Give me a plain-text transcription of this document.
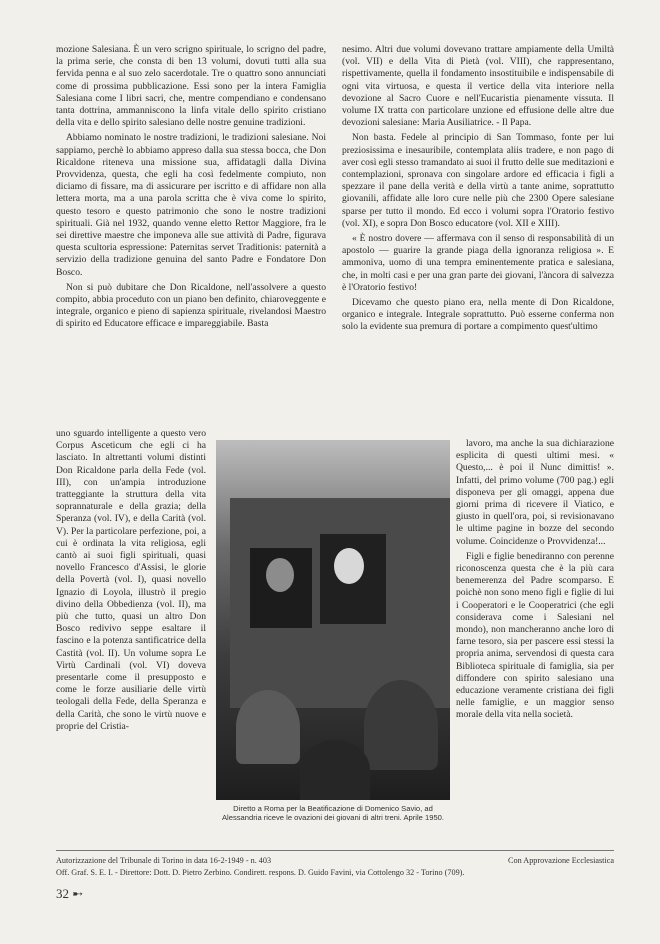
mozione Salesiana. È un vero scrigno spirituale, lo scrigno del padre, la prima serie, che consta di ben 13 volumi, dovuti tutti alla sua fervida penna e al suo zelo sacerdotale. Tre o quattro sono annunciati come di prossima pubblicazione. Essi sono per la intera Famiglia Salesiana come I libri sacri, che, mentre compendiano e condensano tanta dottrina, ammanniscono la linfa vitale dello spirito cristiano della vita e dello spirito salesiano delle nostre genuine tradizioni.

Abbiamo nominato le nostre tradizioni, le tradizioni salesiane. Noi sappiamo, perchè lo abbiamo appreso dalla sua stessa bocca, che Don Ricaldone riteneva una missione sua, affidatagli dalla Divina Provvidenza, questa, che egli ha così fedelmente compiuto, non diciamo di fissare, ma di assicurare per iscritto e di affidare non alla lettera morta, ma a una parola scritta che è viva come lo spirito, questo tesoro e questo patrimonio che sono le nostre tradizioni spirituali. Già nel 1932, quando venne eletto Rettor Maggiore, fra le sei direttive maestre che imponeva alle sue attività di Padre, figurava questa scultoria espressione: Paternitas servet Traditionis: paternità a servizio della tradizione genuina del santo Padre e Fondatore Don Bosco.

Non si può dubitare che Don Ricaldone, nell'assolvere a questo compito, abbia proceduto con un piano ben definito, chiaroveggente e integrale, organico e pieno di sapienza spirituale, rivelandosi Maestro di spirito ed Educatore efficace e impareggiabile. Basta

uno sguardo intelligente a questo vero Corpus Asceticum che egli ci ha lasciato. In altrettanti volumi distinti Don Ricaldone parla della Fede (vol. III), con un'ampia introduzione tratteggiante la struttura della vita soprannaturale e della grazia; della Speranza (vol. IV), e della Carità (vol. V). Per la particolare perfezione, poi, a cui è ordinata la vita religiosa, egli cantò ai suoi figli spirituali, quasi novello Francesco d'Assisi, le glorie della Povertà (vol. I), quasi novello Ignazio di Loyola, illustrò il pregio divino della Obbedienza (vol. II), ma più che tutto, quasi un altro Don Bosco redivivo seppe esaltare il fascino e la potenza santificatrice della Castità (vol. II). Un volume sopra Le Virtù Cardinali (vol. VI) doveva presentarle come il presupposto e come le forze ausiliarie delle virtù teologali della Fede, della Speranza e della Carità, che sono le virtù nuove e proprie del Cristia-

nesimo. Altri due volumi dovevano trattare ampiamente della Umiltà (vol. VII) e della Vita di Pietà (vol. VIII), che rappresentano, rispettivamente, quella il fondamento insostituibile e indispensabile di ogni vita virtuosa, e questa il vertice della vita interiore nella devozione al Sacro Cuore e nell'Eucaristia pienamente vissuta. Il volume IX tratta con particolare unzione ed effusione delle altre due devozioni salesiane: Maria Ausiliatrice. - Il Papa.

Non basta. Fedele al principio di San Tommaso, fonte per lui preziosissima e inesauribile, contemplata aliis tradere, e non pago di aver così egli stesso tramandato ai suoi il frutto delle sue meditazioni e contemplazioni, spronava con singolare ardore ed efficacia i figli a spezzare il pane della verità e della virtù a tante anime, soprattutto giovanili, affidate alle loro cure nelle più che 2300 Opere salesiane sparse per tutto il mondo. Ed ecco i volumi sopra l'Oratorio festivo (vol. XI), e sopra Don Bosco educatore (vol. XII e XIII).

« È nostro dovere — affermava con il senso di responsabilità di un apostolo — guarire la grande piaga della ignoranza religiosa ». E ammoniva, uomo di una tempra eminentemente pratica e salesiana, che, in molti casi e per una gran parte dei giovani, l'àncora di salvezza è l'Oratorio festivo!

Dicevamo che questo piano era, nella mente di Don Ricaldone, organico e integrale. Integrale soprattutto. Può esserne conferma non solo la evidente sua premura di portare a compimento quest'ultimo

lavoro, ma anche la sua dichiarazione esplicita di questi ultimi mesi. « Questo,... è poi il Nunc dimittis! ». Infatti, del primo volume (700 pag.) egli disponeva per gli omaggi, appena due giorni prima di ricevere il Viatico, e giusto in quell'ora, poi, si revisionavano le ultime pagine in bozze del secondo volume. Coincidenze o Provvidenza!...

Figli e figlie benediranno con perenne riconoscenza questa che è la più cara benemerenza del Padre scomparso. E poichè non sono meno figli e figlie di lui i Cooperatori e le Cooperatrici (che egli considerava come i Salesiani nel mondo), non mancheranno anche loro di farne tesoro, sia per pascere essi stessi la propria anima, servendosi di questa cara Biblioteca spirituale di famiglia, sia per diffondere con spirito salesiano una educazione veramente cristiana dei figli nelle famiglie, e un maggior senso morale della vita nella società.

Diretto a Roma per la Beatificazione di Domenico Savio, ad Alessandria riceve le ovazioni dei giovani di altri treni. Aprile 1950.
Autorizzazione del Tribunale di Torino in data 16-2-1949 - n. 403	Con Approvazione Ecclesiastica
Off. Graf. S. E. I. - Direttore: Dott. D. Pietro Zerbino. Condirett. respons. D. Guido Favini, via Cottolengo 32 - Torino (709).
32 ➸
